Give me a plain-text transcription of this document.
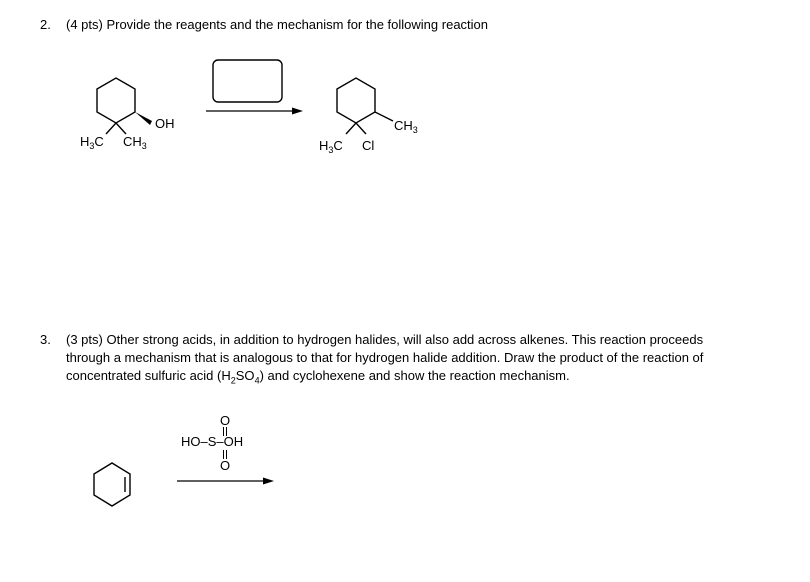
2. (4 pts) Provide the reagents and the mechanism for the following reaction
3. (3 pts) Other strong acids, in addition to hydrogen halides, will also add across alkenes. This reaction proceeds
through a mechanism that is analogous to that for hydrogen halide addition. Draw the product of the reaction of
concentrated sulfuric acid $(H_2SO_4)$ and cyclohexene and show the reaction mechanism.
OH
$H_3C$ $CH_3$
$CH_3$
$H_3C$ Cl
O
HO–S–OH
O
